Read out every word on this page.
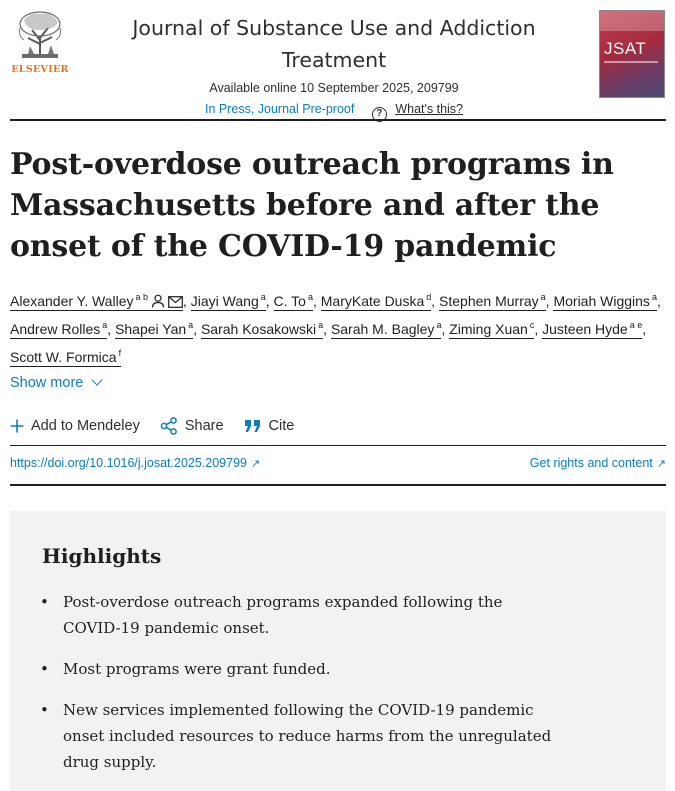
ELSEVIER
Journal of Substance Use and Addiction Treatment
Available online 10 September 2025, 209799
In Press, Journal Pre-proof ? What's this?
JSAT
Post-overdose outreach programs in Massachusetts before and after the onset of the COVID-19 pandemic
Alexander Y. Walley $^{a b}$	, Jiayi Wang $^a$, C. To $^a$, MaryKate Duska $^d$, Stephen Murray $^a$, Moriah Wiggins $^a$, Andrew Rolles $^a$, Shapei Yan $^a$, Sarah Kosakowski $^a$, Sarah M. Bagley $^a$, Ziming Xuan $^c$, Justeen Hyde $^{a e}$, Scott W. Formica $^f$
Show more
Add to Mendeley	Share	Cite
https://doi.org/10.1016/j.josat.2025.209799 ↗	Get rights and content ↗
Highlights
• Post-overdose outreach programs expanded following the COVID-19 pandemic onset.
• Most programs were grant funded.
• New services implemented following the COVID-19 pandemic onset included resources to reduce harms from the unregulated drug supply.
